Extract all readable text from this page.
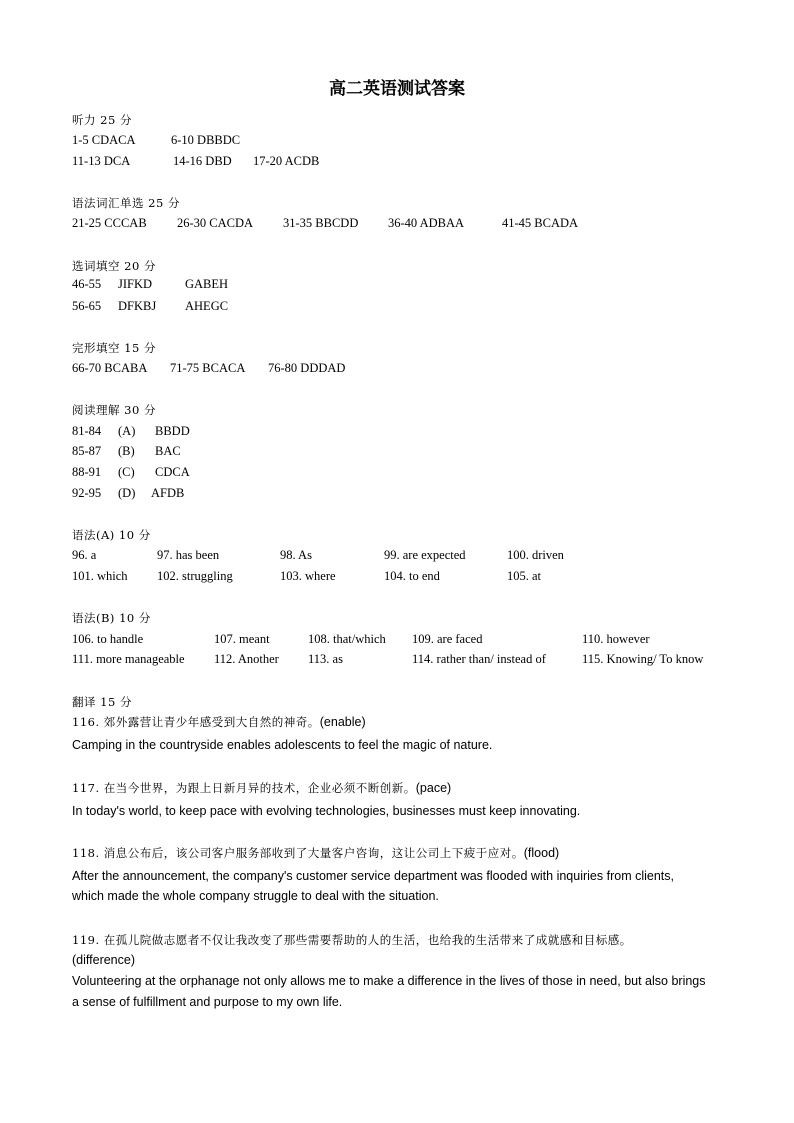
高二英语测试答案
听力 25 分
1-5 CDACA	6-10 DBBDC
11-13 DCA	14-16 DBD 17-20 ACDB
语法词汇单选 25 分
21-25 CCCAB 26-30 CACDA 31-35 BBCDD 36-40 ADBAA	41-45 BCADA
选词填空 20 分
46-55 JIFKD	GABEH
56-65 DFKBJ AHEGC
完形填空 15 分
66-70 BCABA 71-75 BCACA 76-80 DDDAD
阅读理解 30 分
81-84 (A) BBDD
85-87 (B) BAC
88-91 (C) CDCA
92-95 (D) AFDB
语法(A) 10 分
96. a	97. has been	98. As	99. are expected	100. driven
101. which 102. struggling	103. where	104. to end	105. at
语法(B) 10 分
106. to handle	107. meant	108. that/which 109. are faced	110. however
111. more manageable 112. Another 113. as	114. rather than/ instead of	115. Knowing/ To know
翻译 15 分
116. 郊外露营让青少年感受到大自然的神奇。(enable)
Camping in the countryside enables adolescents to feel the magic of nature.
117. 在当今世界，为跟上日新月异的技术，企业必须不断创新。(pace)
In today's world, to keep pace with evolving technologies, businesses must keep innovating.
118. 消息公布后，该公司客户服务部收到了大量客户咨询，这让公司上下疲于应对。(flood)
After the announcement, the company's customer service department was flooded with inquiries from clients,
which made the whole company struggle to deal with the situation.
119. 在孤儿院做志愿者不仅让我改变了那些需要帮助的人的生活，也给我的生活带来了成就感和目标感。
(difference)
Volunteering at the orphanage not only allows me to make a difference in the lives of those in need, but also brings
a sense of fulfillment and purpose to my own life.
